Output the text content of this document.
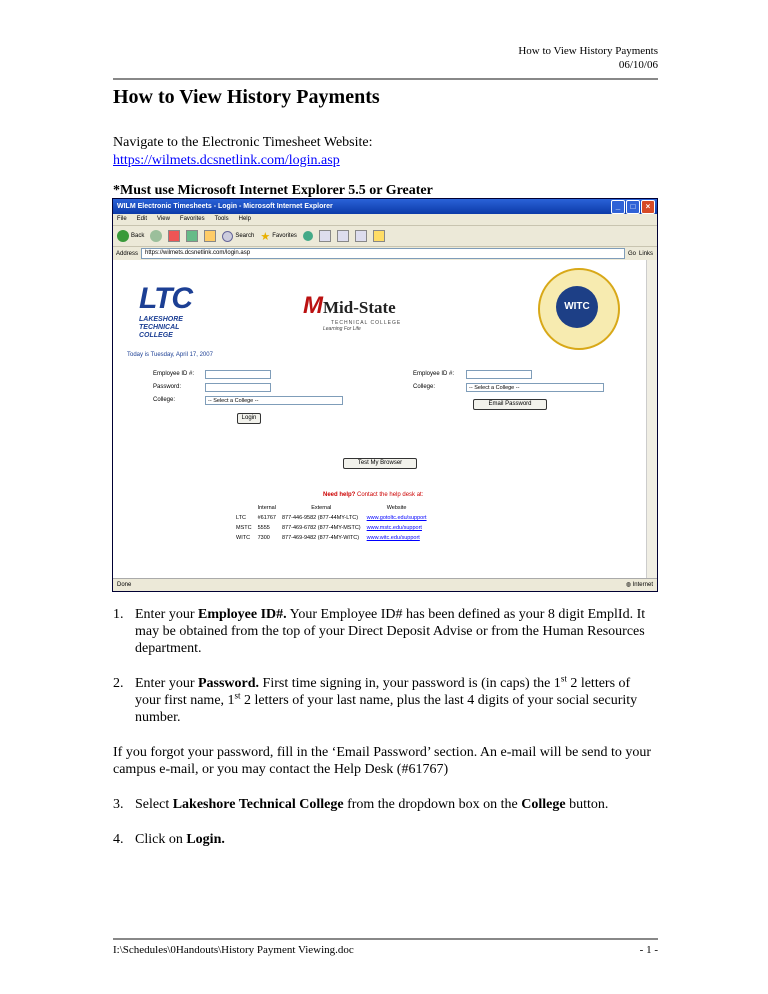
How to View History Payments
06/10/06
How to View History Payments

Navigate to the Electronic Timesheet Website:
https://wilmets.dcsnetlink.com/login.asp

*Must use Microsoft Internet Explorer 5.5 or Greater

WILM Electronic Timesheets - Login - Microsoft Internet Explorer	_	□	×
File Edit View Favorites Tools Help
Back	Search ★ Favorites
Address	https://wilmets.dcsnetlink.com/login.asp	Go Links
LTC
LAKESHORE
TECHNICAL COLLEGE
MMid-State
TECHNICAL COLLEGE
Learning For Life
WITC
Today is Tuesday, April 17, 2007
Employee ID #:
Password:
College:	-- Select a College --
Login
Employee ID #:
College:	-- Select a College --
Email Password
Test My Browser
Need help? Contact the help desk at:
	Internal	External	Website
LTC	#61767	877-446-9582 (877-44MY-LTC)	www.gotoltc.edu/support
MSTC	5555	877-469-6782 (877-4MY-MSTC)	www.mstc.edu/support
WITC	7300	877-469-9482 (877-4MY-WITC)	www.witc.edu/support
Done	◍ Internet
1. Enter your Employee ID#. Your Employee ID# has been defined as your 8 digit EmplId. It may be obtained from the top of your Direct Deposit Advise or from the Human Resources department.
2. Enter your Password. First time signing in, your password is (in caps) the 1st 2 letters of your first name, 1st 2 letters of your last name, plus the last 4 digits of your social security number.

If you forgot your password, fill in the ‘Email Password’ section. An e-mail will be send to your campus e-mail, or you may contact the Help Desk (#61767)

3. Select Lakeshore Technical College from the dropdown box on the College button.
4. Click on Login.
I:\Schedules\0Handouts\History Payment Viewing.doc	- 1 -
